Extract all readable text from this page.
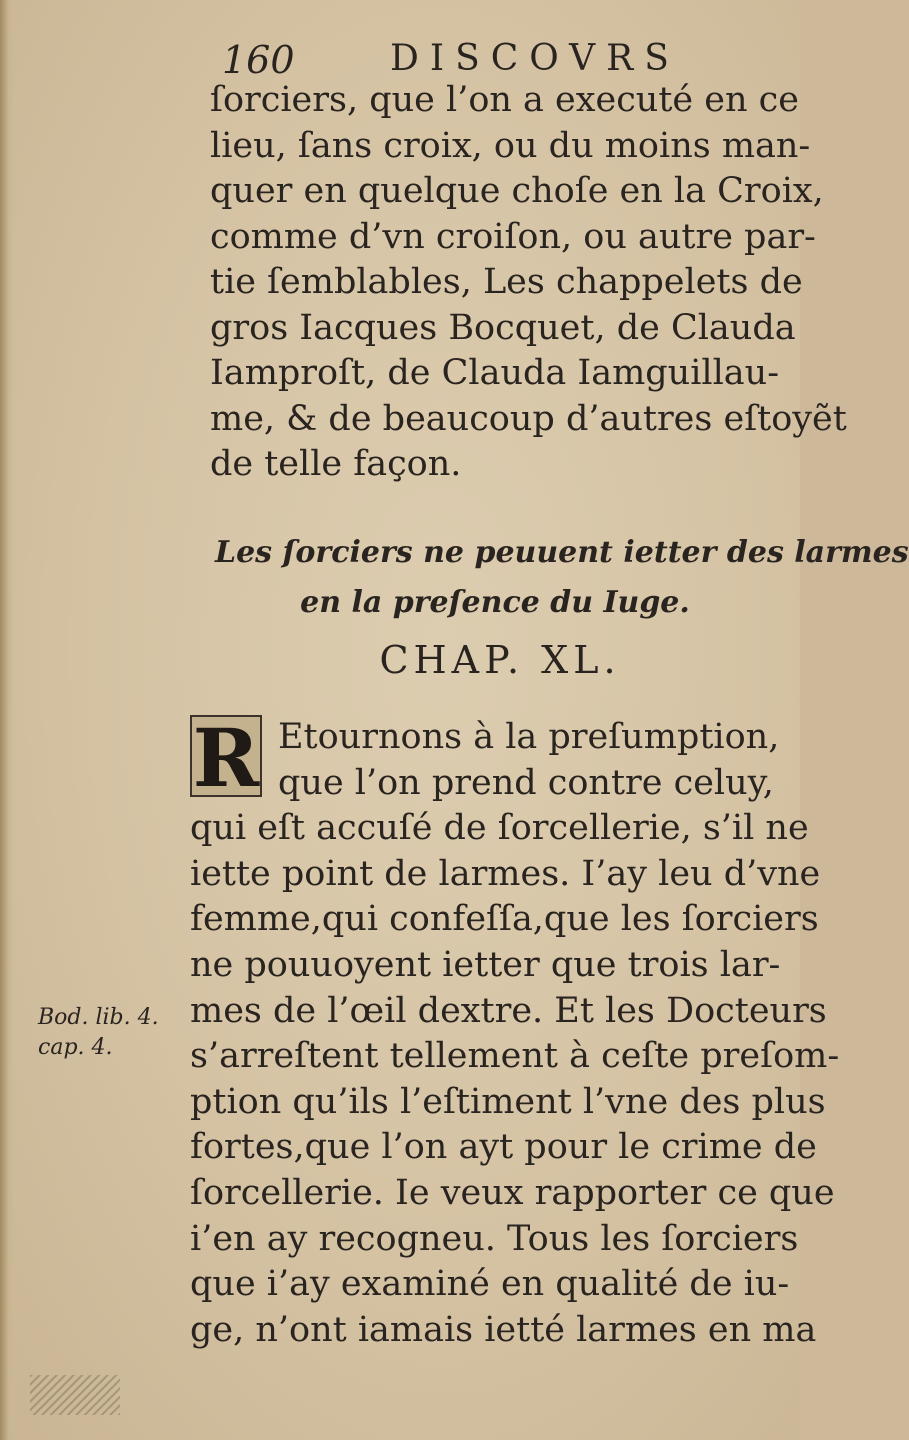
160	DISCOVRS
ſorciers, que l’on a executé en ce
lieu, ſans croix, ou du moins man-
quer en quelque choſe en la Croix,
comme d’vn croiſon, ou autre par-
tie ſemblables, Les chappelets de
gros Iacques Bocquet, de Clauda
Iamproſt, de Clauda Iamguillau-
me, & de beaucoup d’autres eſtoyẽt
de telle façon.
Les ſorciers ne peuuent ietter des larmes
en la preſence du Iuge.
CHAP. XL.
R Etournons à la preſumption,
que l’on prend contre celuy,
qui eſt accuſé de ſorcellerie, s’il ne
iette point de larmes. I’ay leu d’vne
femme,qui confeſſa,que les ſorciers
ne pouuoyent ietter que trois lar-
mes de l’œil dextre. Et les Docteurs
s’arreſtent tellement à ceſte preſom-
ption qu’ils l’eſtiment l’vne des plus
fortes,que l’on ayt pour le crime de
ſorcellerie. Ie veux rapporter ce que
i’en ay recogneu. Tous les ſorciers
que i’ay examiné en qualité de iu-
ge, n’ont iamais ietté larmes en ma
Bod. lib. 4.
cap. 4.
